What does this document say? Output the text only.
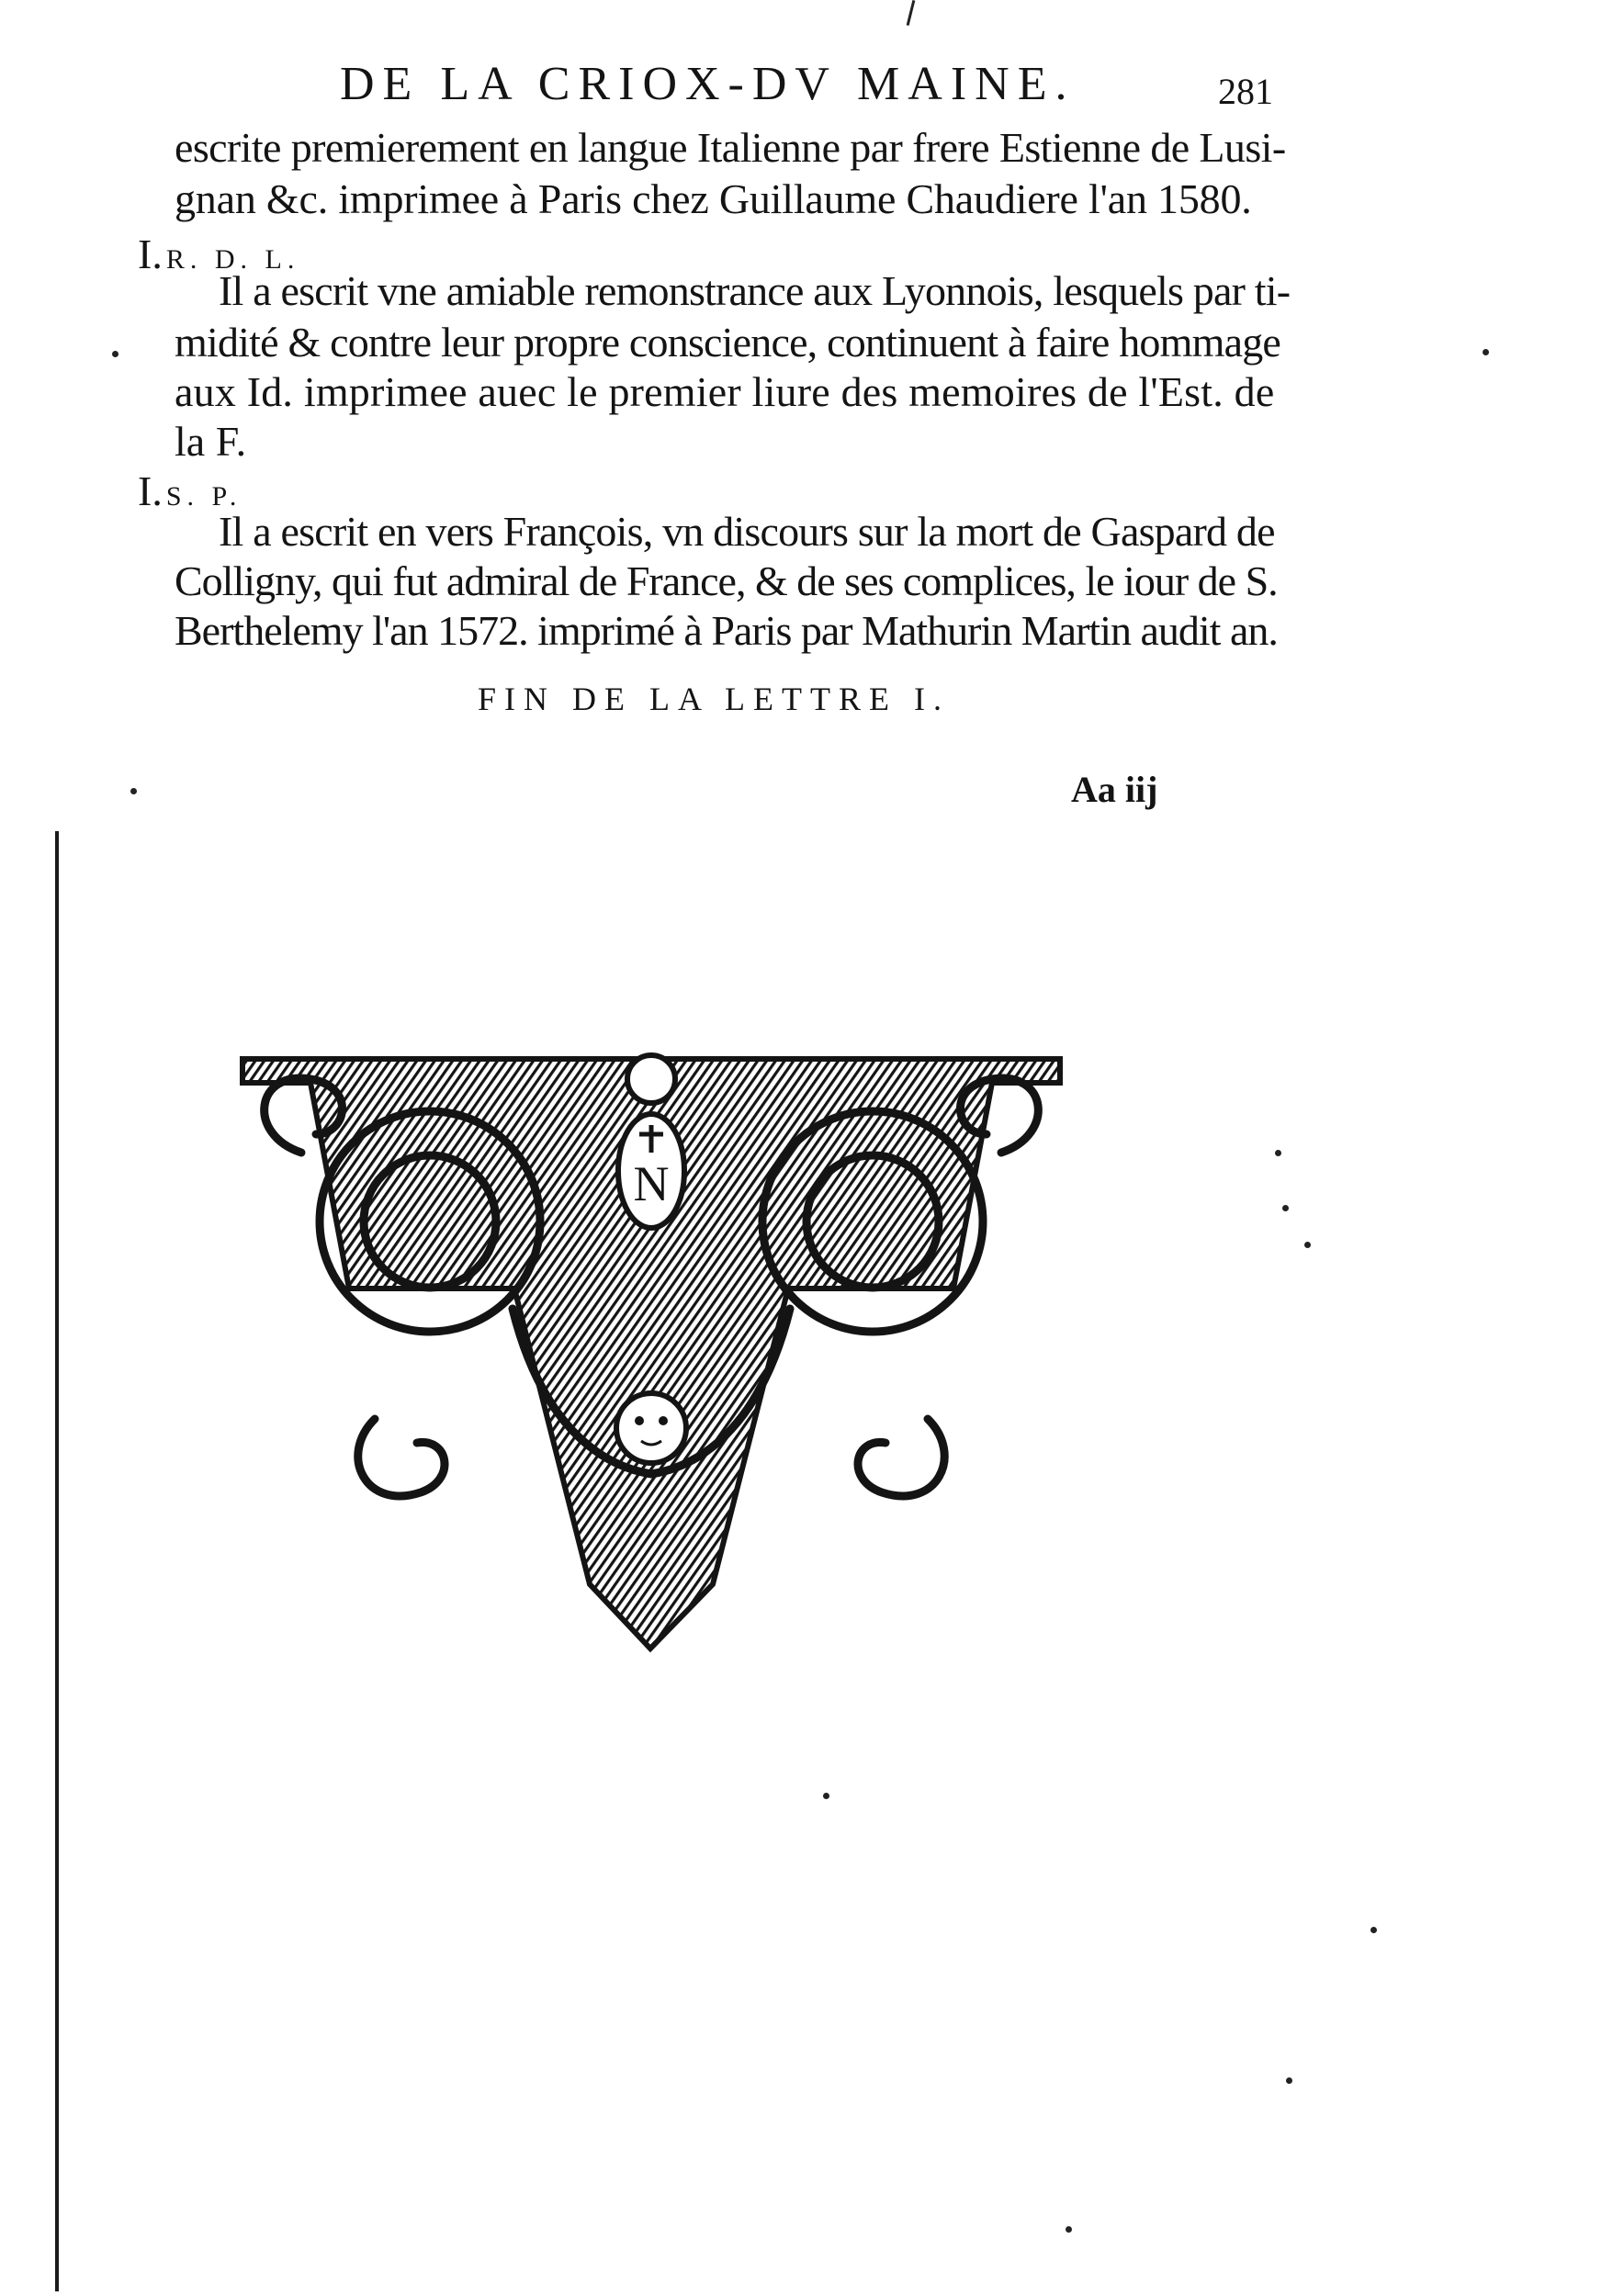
DE LA CRIOX-DV MAINE.	281
escrite premierement en langue Italienne par frere Estienne de Lusi-
gnan &c. imprimee à Paris chez Guillaume Chaudiere l'an 1580.
I. R. D. L.
Il a escrit vne amiable remonstrance aux Lyonnois, lesquels par ti-
midité & contre leur propre conscience, continuent à faire hommage
aux Id. imprimee auec le premier liure des memoires de l'Est. de
la F.
I. S. P.
Il a escrit en vers François, vn discours sur la mort de Gaspard de
Colligny, qui fut admiral de France, & de ses complices, le iour de S.
Berthelemy l'an 1572. imprimé à Paris par Mathurin Martin audit an.
FIN DE LA LETTRE I.
Aa iij
N
